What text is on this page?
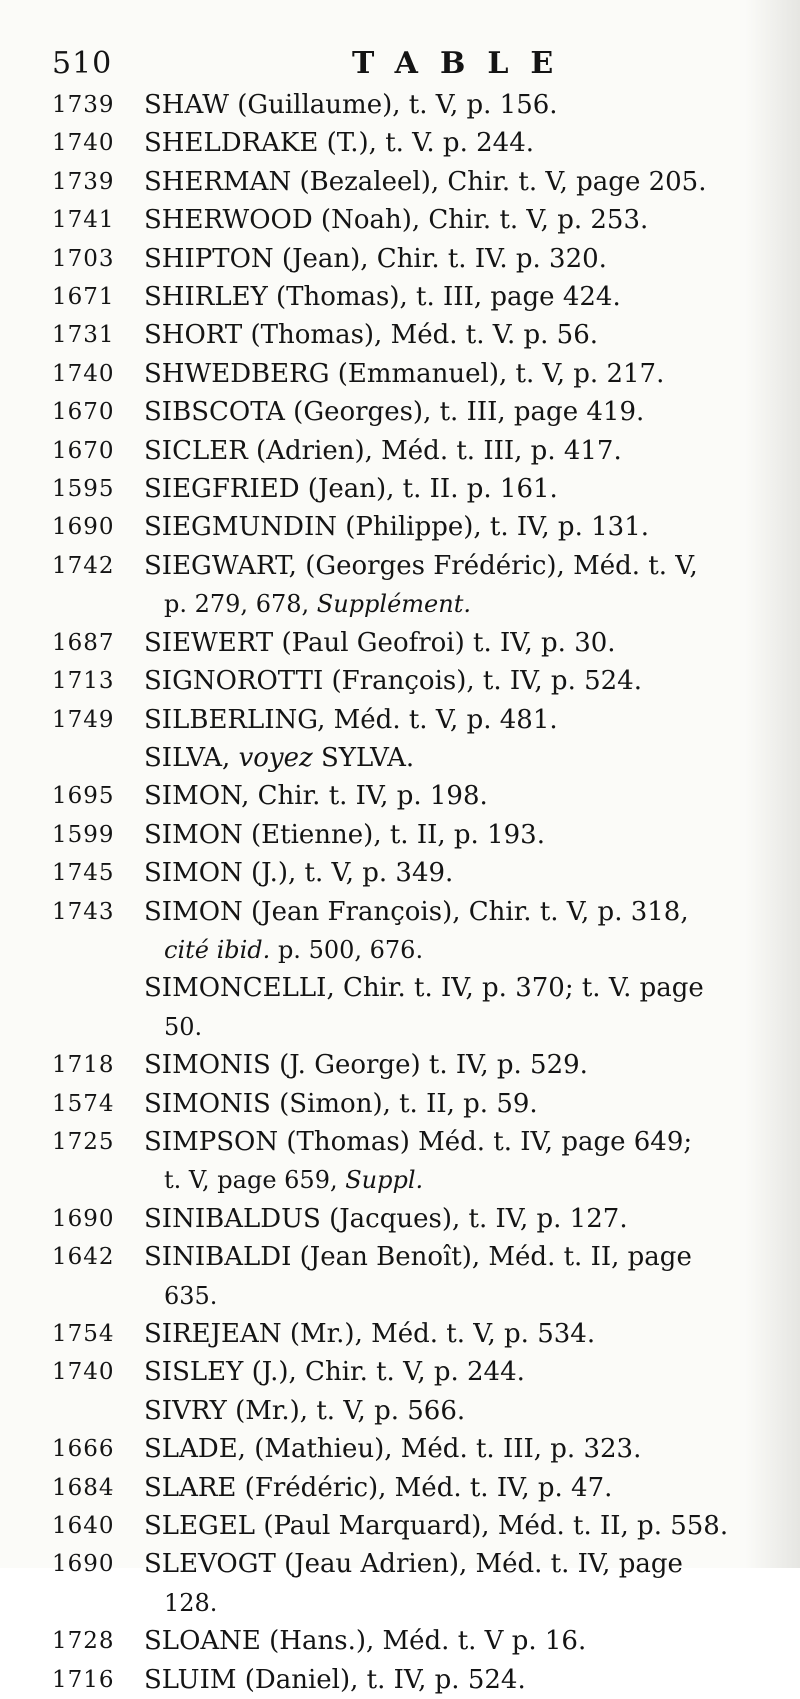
510	TABLE
1739	SHAW (Guillaume), t. V, p. 156.
1740	SHELDRAKE (T.), t. V. p. 244.
1739	SHERMAN (Bezaleel), Chir. t. V, page 205.
1741	SHERWOOD (Noah), Chir. t. V, p. 253.
1703	SHIPTON (Jean), Chir. t. IV. p. 320.
1671	SHIRLEY (Thomas), t. III, page 424.
1731	SHORT (Thomas), Méd. t. V. p. 56.
1740	SHWEDBERG (Emmanuel), t. V, p. 217.
1670	SIBSCOTA (Georges), t. III, page 419.
1670	SICLER (Adrien), Méd. t. III, p. 417.
1595	SIEGFRIED (Jean), t. II. p. 161.
1690	SIEGMUNDIN (Philippe), t. IV, p. 131.
1742	SIEGWART, (Georges Frédéric), Méd. t. V,
p. 279, 678, Supplément.
1687	SIEWERT (Paul Geofroi) t. IV, p. 30.
1713	SIGNOROTTI (François), t. IV, p. 524.
1749	SILBERLING, Méd. t. V, p. 481.
SILVA, voyez SYLVA.
1695	SIMON, Chir. t. IV, p. 198.
1599	SIMON (Etienne), t. II, p. 193.
1745	SIMON (J.), t. V, p. 349.
1743	SIMON (Jean François), Chir. t. V, p. 318,
cité ibid. p. 500, 676.
SIMONCELLI, Chir. t. IV, p. 370; t. V. page
50.
1718	SIMONIS (J. George) t. IV, p. 529.
1574	SIMONIS (Simon), t. II, p. 59.
1725	SIMPSON (Thomas) Méd. t. IV, page 649;
t. V, page 659, Suppl.
1690	SINIBALDUS (Jacques), t. IV, p. 127.
1642	SINIBALDI (Jean Benoît), Méd. t. II, page
635.
1754	SIREJEAN (Mr.), Méd. t. V, p. 534.
1740	SISLEY (J.), Chir. t. V, p. 244.
SIVRY (Mr.), t. V, p. 566.
1666	SLADE, (Mathieu), Méd. t. III, p. 323.
1684	SLARE (Frédéric), Méd. t. IV, p. 47.
1640	SLEGEL (Paul Marquard), Méd. t. II, p. 558.
1690	SLEVOGT (Jeau Adrien), Méd. t. IV, page
128.
1728	SLOANE (Hans.), Méd. t. V p. 16.
1716	SLUIM (Daniel), t. IV, p. 524.
